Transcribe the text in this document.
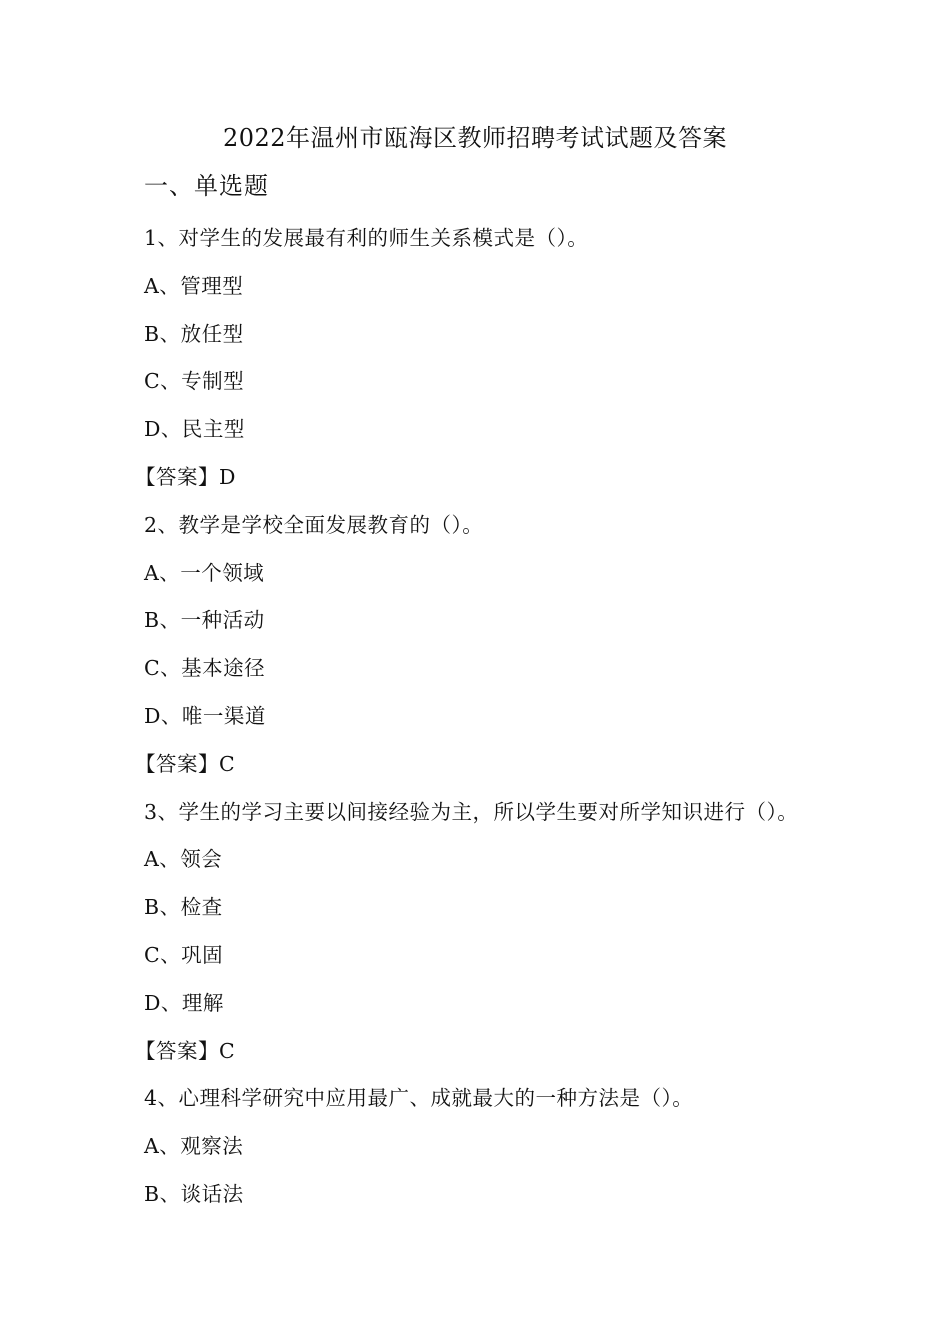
2022年温州市瓯海区教师招聘考试试题及答案
一、单选题
1、对学生的发展最有利的师生关系模式是（）。
A、管理型
B、放任型
C、专制型
D、民主型
【答案】D
2、教学是学校全面发展教育的（）。
A、一个领域
B、一种活动
C、基本途径
D、唯一渠道
【答案】C
3、学生的学习主要以间接经验为主，所以学生要对所学知识进行（）。
A、领会
B、检查
C、巩固
D、理解
【答案】C
4、心理科学研究中应用最广、成就最大的一种方法是（）。
A、观察法
B、谈话法
